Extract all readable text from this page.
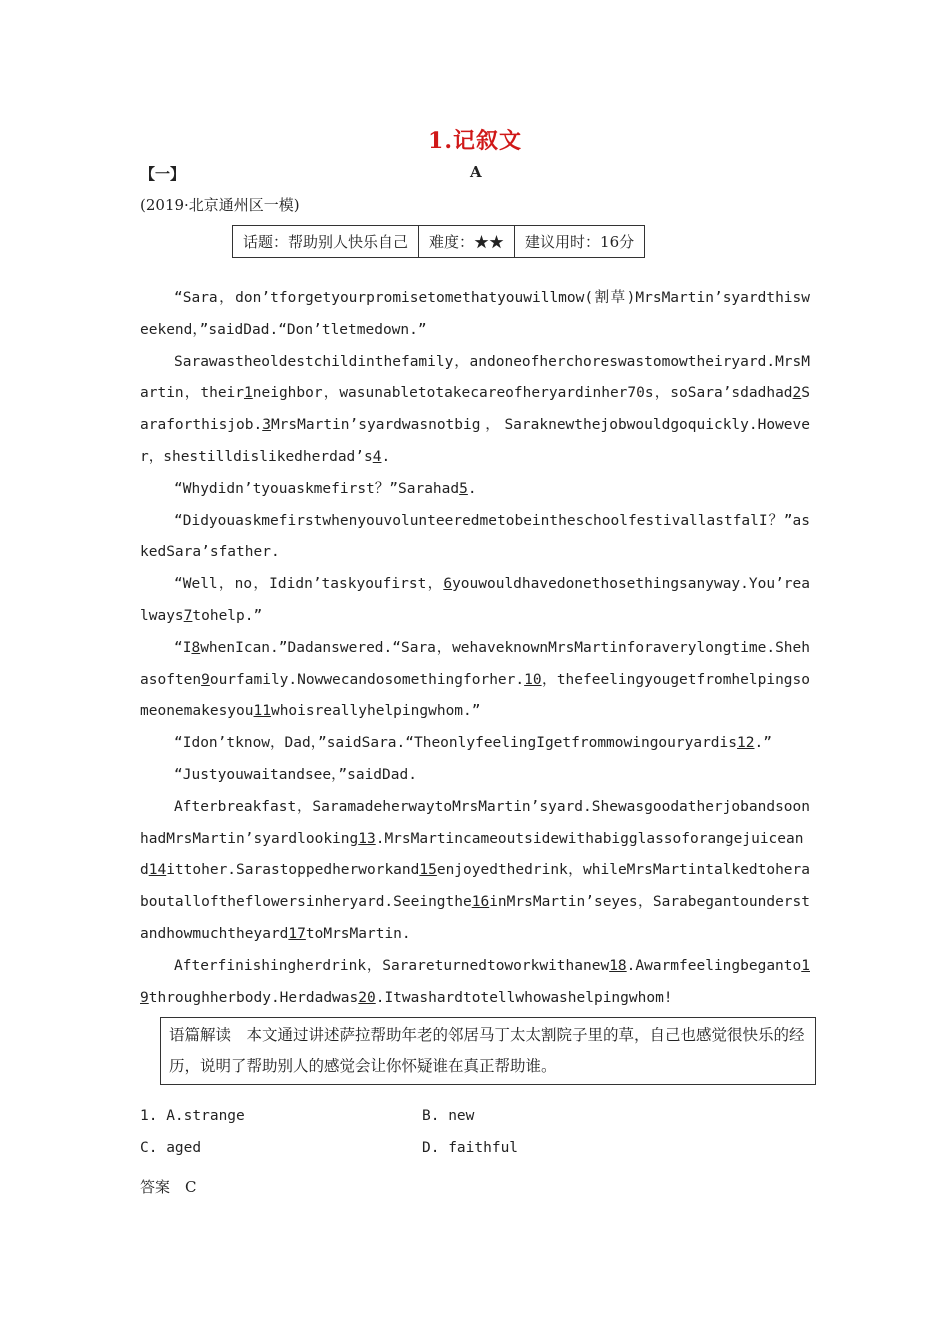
1.记叙文
【一】	A
(2019·北京通州区一模)
话题：帮助别人快乐自己	难度：★★	建议用时：16分

“Sara，don’tforgetyourpromisetomethatyouwillmow(割草)MrsMartin’syardthisweekend，”saidDad.“Don’tletmedown.”

Sarawastheoldestchildinthefamily，andoneofherchoreswastomowtheiryard.MrsMartin，their1neighbor，wasunabletotakecareofheryardinher70s，soSara’sdadhad2Saraforthisjob.3MrsMartin’syardwasnotbig，Saraknewthejobwouldgoquickly.However，shestilldislikedherdad’s4.

“Whydidn’tyouaskmefirst？”Sarahad5.

“DidyouaskmefirstwhenyouvolunteeredmetobeintheschoolfestivallastfalI？”askedSara’sfather.

“Well，no，Ididn’taskyoufirst，6youwouldhavedonethosethingsanyway.You’realways7tohelp.”

“I8whenIcan.”Dadanswered.“Sara，wehaveknownMrsMartinforaverylongtime.Shehasoften9ourfamily.Nowwecandosomethingforher.10，thefeelingyougetfromhelpingsomeonemakesyou11whoisreallyhelpingwhom.”

“Idon’tknow，Dad，”saidSara.“TheonlyfeelingIgetfrommowingouryardis12.”

“Justyouwaitandsee，”saidDad.

Afterbreakfast，SaramadeherwaytoMrsMartin’syard.ShewasgoodatherjobandsoonhadMrsMartin’syardlooking13.MrsMartincameoutsidewithabigglassoforangejuiceand14ittoher.Sarastoppedherworkand15enjoyedthedrink，whileMrsMartintalkedtoheraboutalloftheflowersinheryard.Seeingthe16inMrsMartin’seyes，Sarabegantounderstandhowmuchtheyard17toMrsMartin.

Afterfinishingherdrink，Sarareturnedtoworkwithanew18.Awarmfeelingbeganto19throughherbody.Herdadwas20.Itwashardtotellwhowashelpingwhom!

语篇解读　本文通过讲述萨拉帮助年老的邻居马丁太太割院子里的草，自己也感觉很快乐的经历，说明了帮助别人的感觉会让你怀疑谁在真正帮助谁。
1. A.strange	B. new
C. aged	D. faithful
答案　C
